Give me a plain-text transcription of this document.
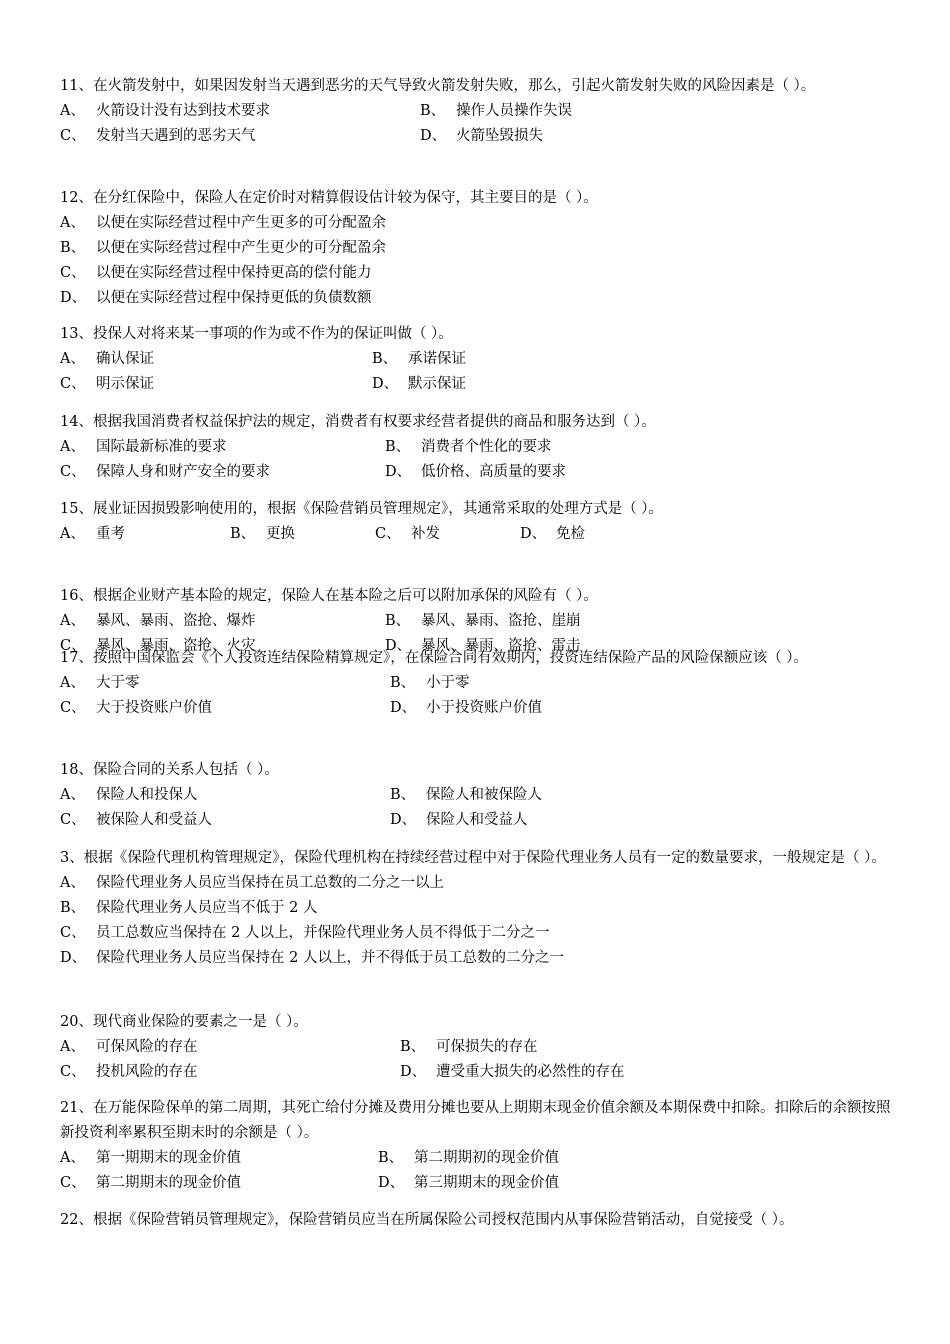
11、在火箭发射中，如果因发射当天遇到恶劣的天气导致火箭发射失败，那么，引起火箭发射失败的风险因素是（ ）。
A、 火箭设计没有达到技术要求	B、 操作人员操作失误
C、 发射当天遇到的恶劣天气	D、 火箭坠毁损失
12、在分红保险中，保险人在定价时对精算假设估计较为保守，其主要目的是（ ）。
A、 以便在实际经营过程中产生更多的可分配盈余
B、 以便在实际经营过程中产生更少的可分配盈余
C、 以便在实际经营过程中保持更高的偿付能力
D、 以便在实际经营过程中保持更低的负债数额
13、投保人对将来某一事项的作为或不作为的保证叫做（ ）。
A、 确认保证	B、 承诺保证
C、 明示保证	D、 默示保证
14、根据我国消费者权益保护法的规定，消费者有权要求经营者提供的商品和服务达到（ ）。
A、 国际最新标准的要求	B、 消费者个性化的要求
C、 保障人身和财产安全的要求	D、 低价格、高质量的要求
15、展业证因损毁影响使用的，根据《保险营销员管理规定》，其通常采取的处理方式是（ ）。
A、 重考	B、 更换	C、 补发	D、 免检
16、根据企业财产基本险的规定，保险人在基本险之后可以附加承保的风险有（ ）。
A、 暴风、暴雨、盗抢、爆炸	B、 暴风、暴雨、盗抢、崖崩
C、 暴风、暴雨、盗抢、火灾	D、 暴风、暴雨、盗抢、雷击
17、按照中国保监会《个人投资连结保险精算规定》，在保险合同有效期内，投资连结保险产品的风险保额应该（ ）。
A、 大于零	B、 小于零
C、 大于投资账户价值	D、 小于投资账户价值
18、保险合同的关系人包括（ ）。
A、 保险人和投保人	B、 保险人和被保险人
C、 被保险人和受益人	D、 保险人和受益人
3、根据《保险代理机构管理规定》，保险代理机构在持续经营过程中对于保险代理业务人员有一定的数量要求，一般规定是（ ）。
A、 保险代理业务人员应当保持在员工总数的二分之一以上
B、 保险代理业务人员应当不低于 2 人
C、 员工总数应当保持在 2 人以上，并保险代理业务人员不得低于二分之一
D、 保险代理业务人员应当保持在 2 人以上，并不得低于员工总数的二分之一
20、现代商业保险的要素之一是（ ）。
A、 可保风险的存在	B、 可保损失的存在
C、 投机风险的存在	D、 遭受重大损失的必然性的存在
21、在万能保险保单的第二周期，其死亡给付分摊及费用分摊也要从上期期末现金价值余额及本期保费中扣除。扣除后的余额按照新投资利率累积至期末时的余额是（ ）。
A、 第一期期末的现金价值	B、 第二期期初的现金价值
C、 第二期期末的现金价值	D、 第三期期末的现金价值
22、根据《保险营销员管理规定》，保险营销员应当在所属保险公司授权范围内从事保险营销活动，自觉接受（ ）。
